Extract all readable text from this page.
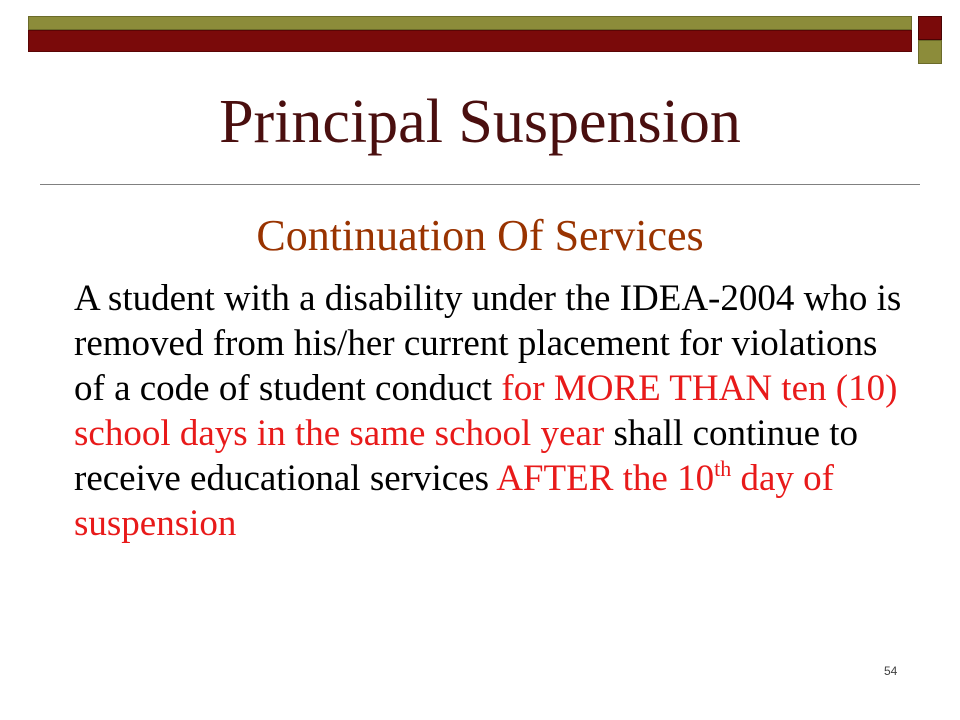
Principal Suspension
Continuation Of Services

A student with a disability under the IDEA-2004 who is removed from his/her current placement for violations of a code of student conduct for MORE THAN ten (10) school days in the same school year shall continue to receive educational services AFTER the 10th day of suspension

54
